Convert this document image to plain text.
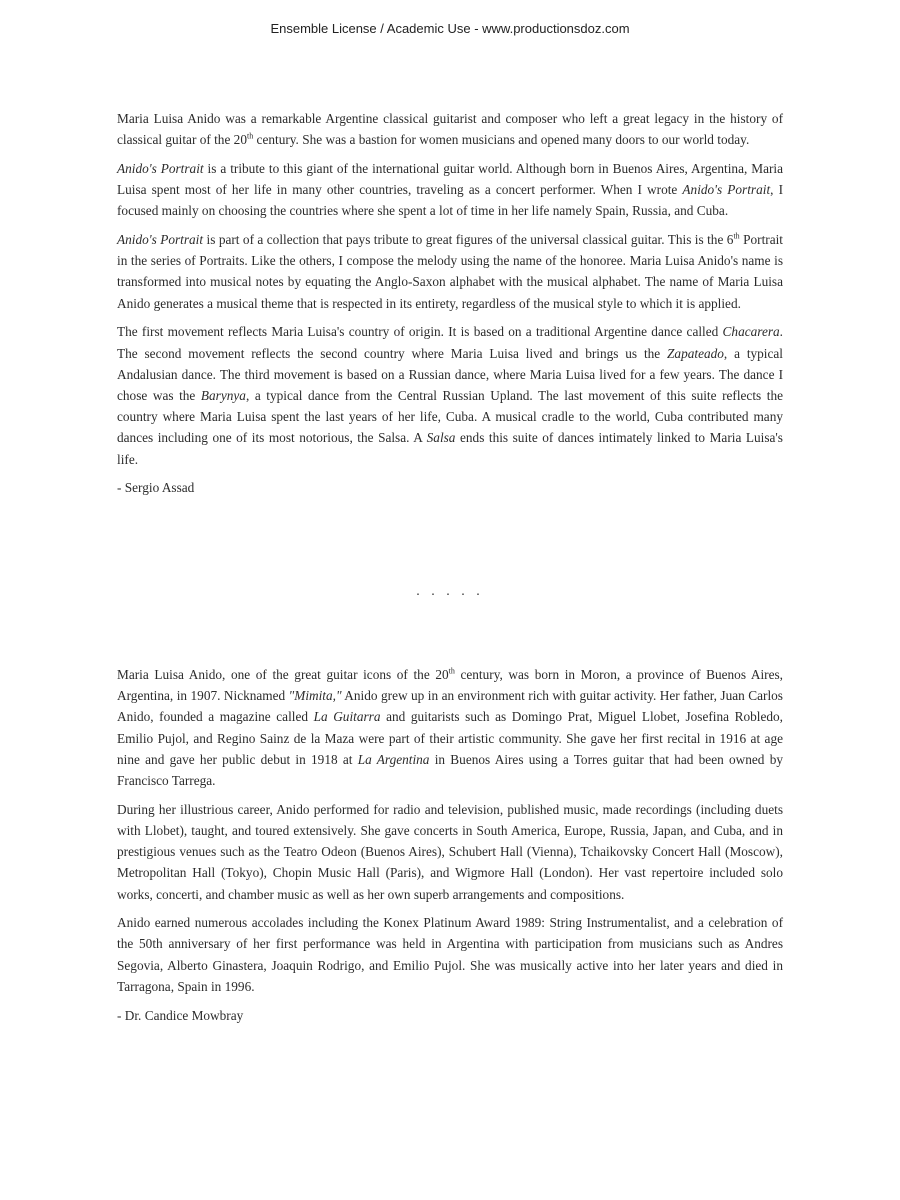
Ensemble License / Academic Use - www.productionsdoz.com

Maria Luisa Anido was a remarkable Argentine classical guitarist and composer who left a great legacy in the history of classical guitar of the 20th century. She was a bastion for women musicians and opened many doors to our world today.

Anido's Portrait is a tribute to this giant of the international guitar world. Although born in Buenos Aires, Argentina, Maria Luisa spent most of her life in many other countries, traveling as a concert performer. When I wrote Anido's Portrait, I focused mainly on choosing the countries where she spent a lot of time in her life namely Spain, Russia, and Cuba.

Anido's Portrait is part of a collection that pays tribute to great figures of the universal classical guitar. This is the 6th Portrait in the series of Portraits. Like the others, I compose the melody using the name of the honoree. Maria Luisa Anido's name is transformed into musical notes by equating the Anglo-Saxon alphabet with the musical alphabet. The name of Maria Luisa Anido generates a musical theme that is respected in its entirety, regardless of the musical style to which it is applied.

The first movement reflects Maria Luisa's country of origin. It is based on a traditional Argentine dance called Chacarera. The second movement reflects the second country where Maria Luisa lived and brings us the Zapateado, a typical Andalusian dance. The third movement is based on a Russian dance, where Maria Luisa lived for a few years. The dance I chose was the Barynya, a typical dance from the Central Russian Upland. The last movement of this suite reflects the country where Maria Luisa spent the last years of her life, Cuba. A musical cradle to the world, Cuba contributed many dances including one of its most notorious, the Salsa. A Salsa ends this suite of dances intimately linked to Maria Luisa's life.

- Sergio Assad

. . . . .

Maria Luisa Anido, one of the great guitar icons of the 20th century, was born in Moron, a province of Buenos Aires, Argentina, in 1907. Nicknamed "Mimita," Anido grew up in an environment rich with guitar activity. Her father, Juan Carlos Anido, founded a magazine called La Guitarra and guitarists such as Domingo Prat, Miguel Llobet, Josefina Robledo, Emilio Pujol, and Regino Sainz de la Maza were part of their artistic community. She gave her first recital in 1916 at age nine and gave her public debut in 1918 at La Argentina in Buenos Aires using a Torres guitar that had been owned by Francisco Tarrega.

During her illustrious career, Anido performed for radio and television, published music, made recordings (including duets with Llobet), taught, and toured extensively. She gave concerts in South America, Europe, Russia, Japan, and Cuba, and in prestigious venues such as the Teatro Odeon (Buenos Aires), Schubert Hall (Vienna), Tchaikovsky Concert Hall (Moscow), Metropolitan Hall (Tokyo), Chopin Music Hall (Paris), and Wigmore Hall (London). Her vast repertoire included solo works, concerti, and chamber music as well as her own superb arrangements and compositions.

Anido earned numerous accolades including the Konex Platinum Award 1989: String Instrumentalist, and a celebration of the 50th anniversary of her first performance was held in Argentina with participation from musicians such as Andres Segovia, Alberto Ginastera, Joaquin Rodrigo, and Emilio Pujol. She was musically active into her later years and died in Tarragona, Spain in 1996.

- Dr. Candice Mowbray
